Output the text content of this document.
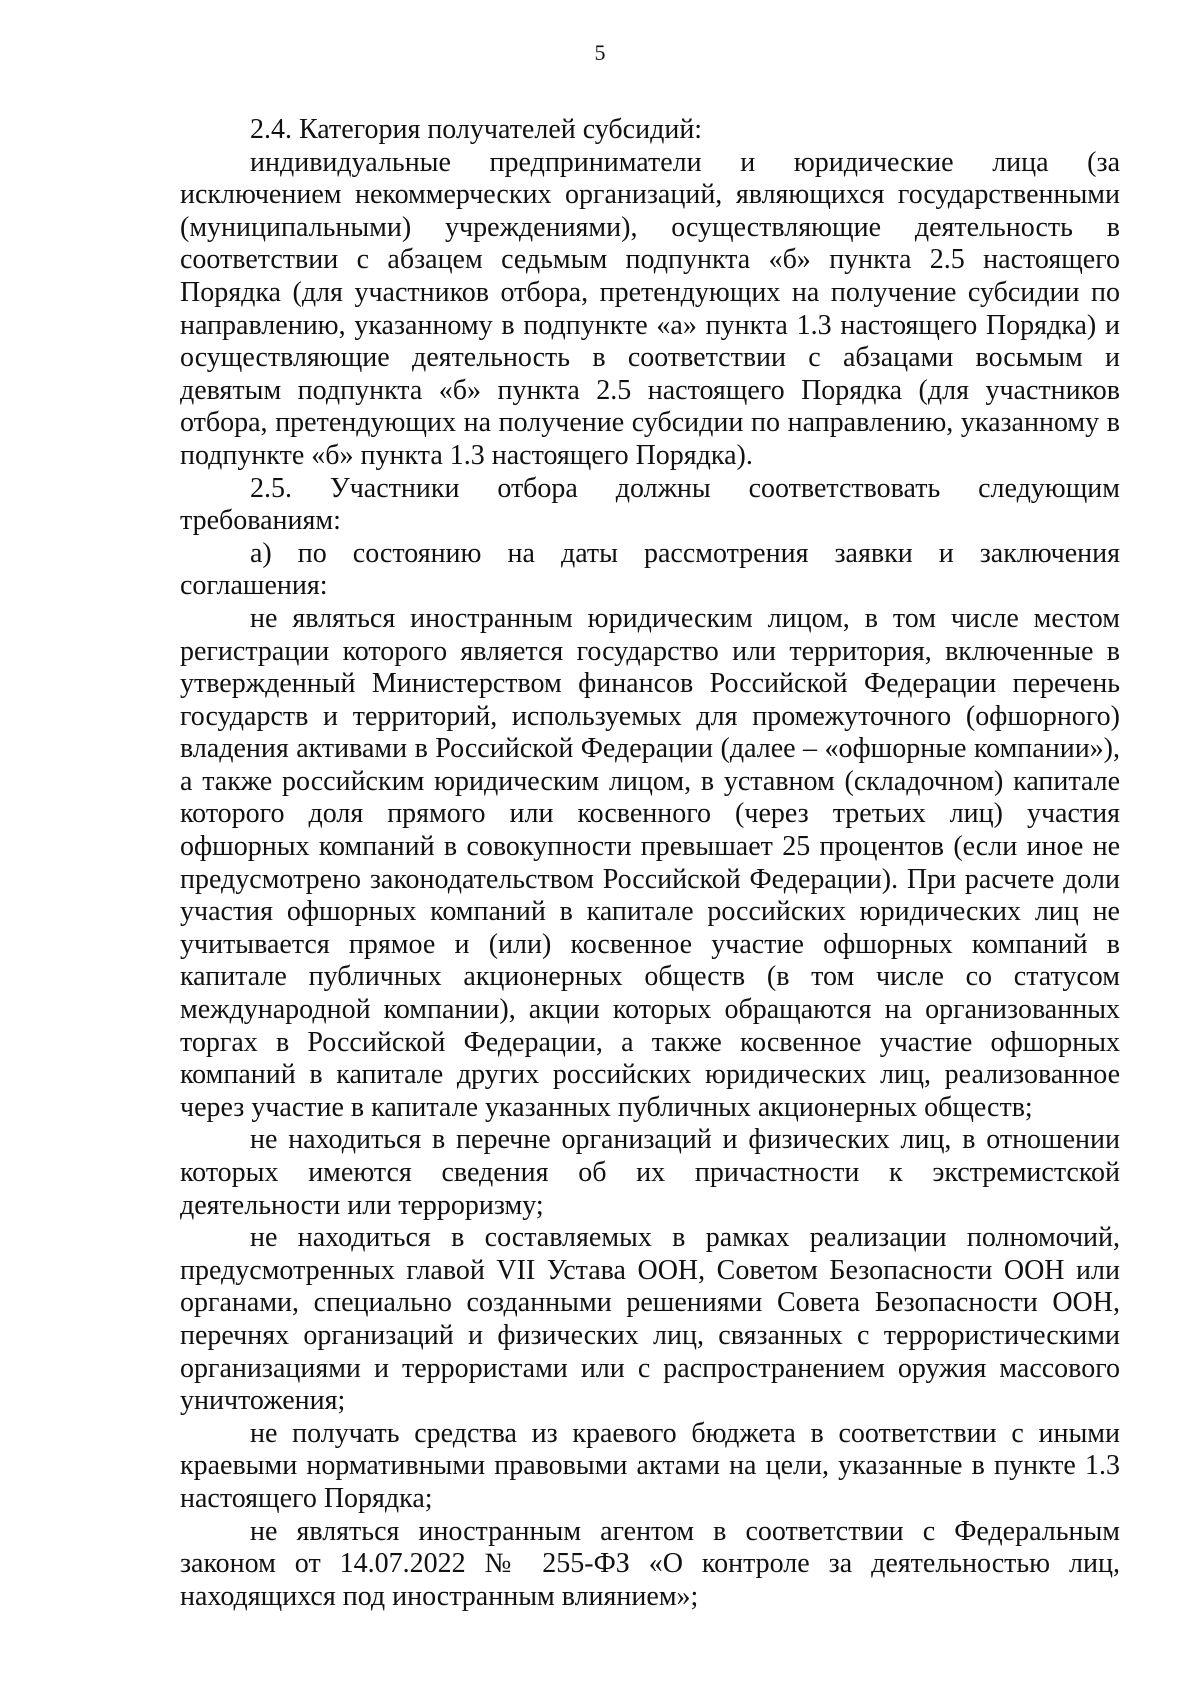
5

2.4. Категория получателей субсидий:

индивидуальные предприниматели и юридические лица (за исключением некоммерческих организаций, являющихся государственными (муниципальными) учреждениями), осуществляющие деятельность в соответствии с абзацем седьмым подпункта «б» пункта 2.5 настоящего Порядка (для участников отбора, претендующих на получение субсидии по направлению, указанному в подпункте «а» пункта 1.3 настоящего Порядка) и осуществляющие деятельность в соответствии с абзацами восьмым и девятым подпункта «б» пункта 2.5 настоящего Порядка (для участников отбора, претендующих на получение субсидии по направлению, указанному в подпункте «б» пункта 1.3 настоящего Порядка).

2.5. Участники отбора должны соответствовать следующим требованиям:

а) по состоянию на даты рассмотрения заявки и заключения соглашения:

не являться иностранным юридическим лицом, в том числе местом регистрации которого является государство или территория, включенные в утвержденный Министерством финансов Российской Федерации перечень государств и территорий, используемых для промежуточного (офшорного) владения активами в Российской Федерации (далее – «офшорные компании»), а также российским юридическим лицом, в уставном (складочном) капитале которого доля прямого или косвенного (через третьих лиц) участия офшорных компаний в совокупности превышает 25 процентов (если иное не предусмотрено законодательством Российской Федерации). При расчете доли участия офшорных компаний в капитале российских юридических лиц не учитывается прямое и (или) косвенное участие офшорных компаний в капитале публичных акционерных обществ (в том числе со статусом международной компании), акции которых обращаются на организованных торгах в Российской Федерации, а также косвенное участие офшорных компаний в капитале других российских юридических лиц, реализованное через участие в капитале указанных публичных акционерных обществ;

не находиться в перечне организаций и физических лиц, в отношении которых имеются сведения об их причастности к экстремистской деятельности или терроризму;

не находиться в составляемых в рамках реализации полномочий, предусмотренных главой VII Устава ООН, Советом Безопасности ООН или органами, специально созданными решениями Совета Безопасности ООН, перечнях организаций и физических лиц, связанных с террористическими организациями и террористами или с распространением оружия массового уничтожения;

не получать средства из краевого бюджета в соответствии с иными краевыми нормативными правовыми актами на цели, указанные в пункте 1.3 настоящего Порядка;

не являться иностранным агентом в соответствии с Федеральным законом от 14.07.2022 № 255-ФЗ «О контроле за деятельностью лиц, находящихся под иностранным влиянием»;
